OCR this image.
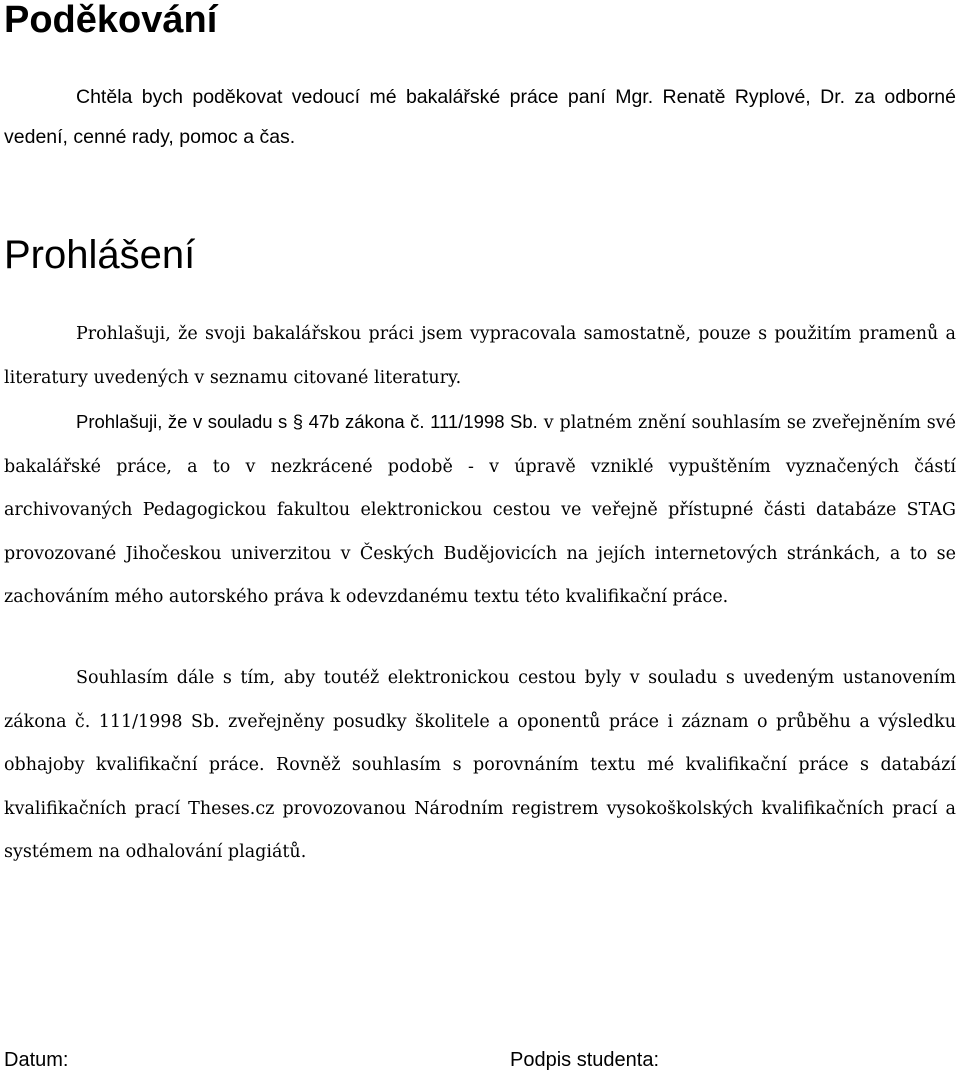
Poděkování

Chtěla bych poděkovat vedoucí mé bakalářské práce paní Mgr. Renatě Ryplové, Dr. za odborné vedení, cenné rady, pomoc a čas.

Prohlášení

Prohlašuji, že svoji bakalářskou práci jsem vypracovala samostatně, pouze s použitím pramenů a literatury uvedených v seznamu citované literatury.

Prohlašuji, že v souladu s § 47b zákona č. 111/1998 Sb. v platném znění souhlasím se zveřejněním své bakalářské práce, a to v nezkrácené podobě - v úpravě vzniklé vypuštěním vyznačených částí archivovaných Pedagogickou fakultou elektronickou cestou ve veřejně přístupné části databáze STAG provozované Jihočeskou univerzitou v Českých Budějovicích na jejích internetových stránkách, a to se zachováním mého autorského práva k odevzdanému textu této kvalifikační práce.

Souhlasím dále s tím, aby toutéž elektronickou cestou byly v souladu s uvedeným ustanovením zákona č. 111/1998 Sb. zveřejněny posudky školitele a oponentů práce i záznam o průběhu a výsledku obhajoby kvalifikační práce. Rovněž souhlasím s porovnáním textu mé kvalifikační práce s databází kvalifikačních prací Theses.cz provozovanou Národním registrem vysokoškolských kvalifikačních prací a systémem na odhalování plagiátů.

Datum:	Podpis studenta:
